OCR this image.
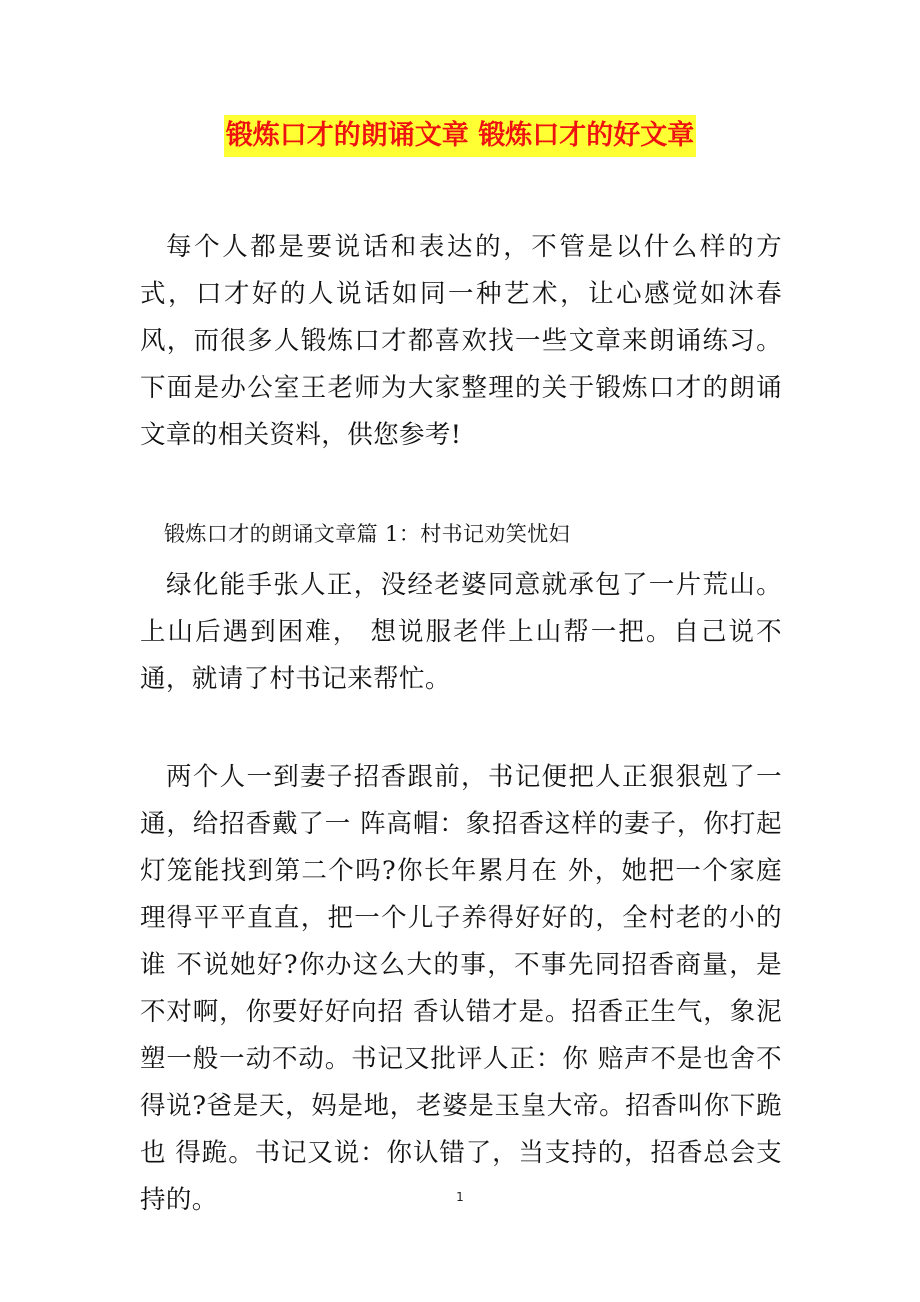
锻炼口才的朗诵文章 锻炼口才的好文章

每个人都是要说话和表达的，不管是以什么样的方式，口才好的人说话如同一种艺术，让心感觉如沐春风，而很多人锻炼口才都喜欢找一些文章来朗诵练习。下面是办公室王老师为大家整理的关于锻炼口才的朗诵文章的相关资料，供您参考!

锻炼口才的朗诵文章篇 1：村书记劝笑忧妇

绿化能手张人正，没经老婆同意就承包了一片荒山。上山后遇到困难， 想说服老伴上山帮一把。自己说不通，就请了村书记来帮忙。

两个人一到妻子招香跟前，书记便把人正狠狠剋了一通，给招香戴了一 阵高帽：象招香这样的妻子，你打起灯笼能找到第二个吗?你长年累月在 外，她把一个家庭理得平平直直，把一个儿子养得好好的，全村老的小的谁 不说她好?你办这么大的事，不事先同招香商量，是不对啊，你要好好向招 香认错才是。招香正生气，象泥塑一般一动不动。书记又批评人正：你 赔声不是也舍不得说?爸是天，妈是地，老婆是玉皇大帝。招香叫你下跪也 得跪。书记又说：你认错了，当支持的，招香总会支持的。	1
